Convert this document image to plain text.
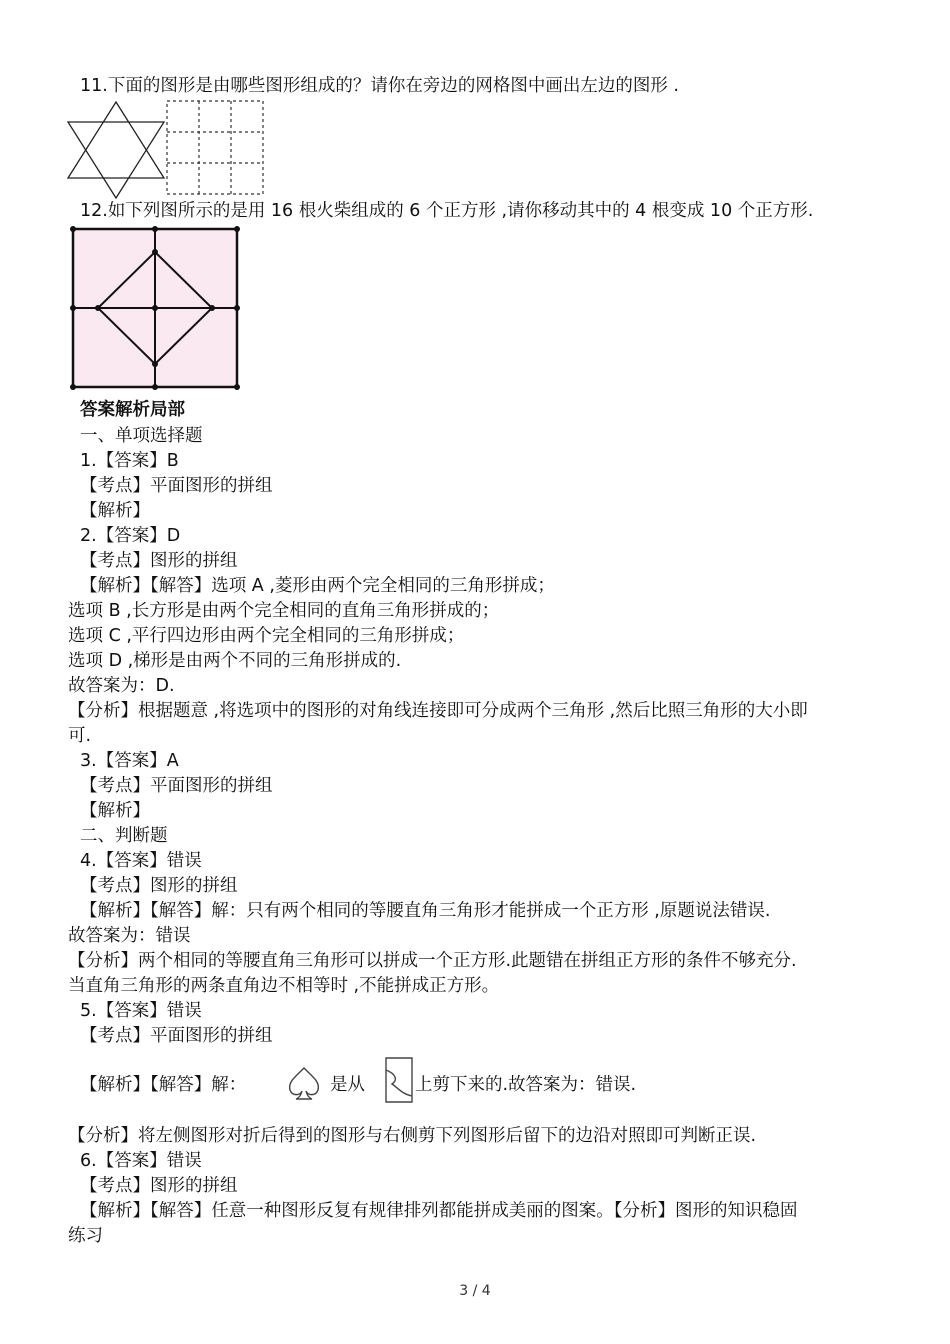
11.下面的图形是由哪些图形组成的？请你在旁边的网格图中画出左边的图形 .
12.如下列图所示的是用 16 根火柴组成的 6 个正方形 ,请你移动其中的 4 根变成 10 个正方形.
答案解析局部
一、单项选择题
1.【答案】B
【考点】平面图形的拼组
【解析】
2.【答案】D
【考点】图形的拼组
【解析】【解答】选项 A ,菱形由两个完全相同的三角形拼成；
选项 B ,长方形是由两个完全相同的直角三角形拼成的；
选项 C ,平行四边形由两个完全相同的三角形拼成；
选项 D ,梯形是由两个不同的三角形拼成的.
故答案为：D.
【分析】根据题意 ,将选项中的图形的对角线连接即可分成两个三角形 ,然后比照三角形的大小即
可.
3.【答案】A
【考点】平面图形的拼组
【解析】
二、判断题
4.【答案】错误
【考点】图形的拼组
【解析】【解答】解：只有两个相同的等腰直角三角形才能拼成一个正方形 ,原题说法错误.
故答案为：错误
【分析】两个相同的等腰直角三角形可以拼成一个正方形.此题错在拼组正方形的条件不够充分.
当直角三角形的两条直角边不相等时 ,不能拼成正方形。
5.【答案】错误
【考点】平面图形的拼组
【解析】【解答】解：	是从	上剪下来的.故答案为：错误.
【分析】将左侧图形对折后得到的图形与右侧剪下列图形后留下的边沿对照即可判断正误.
6.【答案】错误
【考点】图形的拼组
【解析】【解答】任意一种图形反复有规律排列都能拼成美丽的图案。【分析】图形的知识稳固
练习
3 / 4
